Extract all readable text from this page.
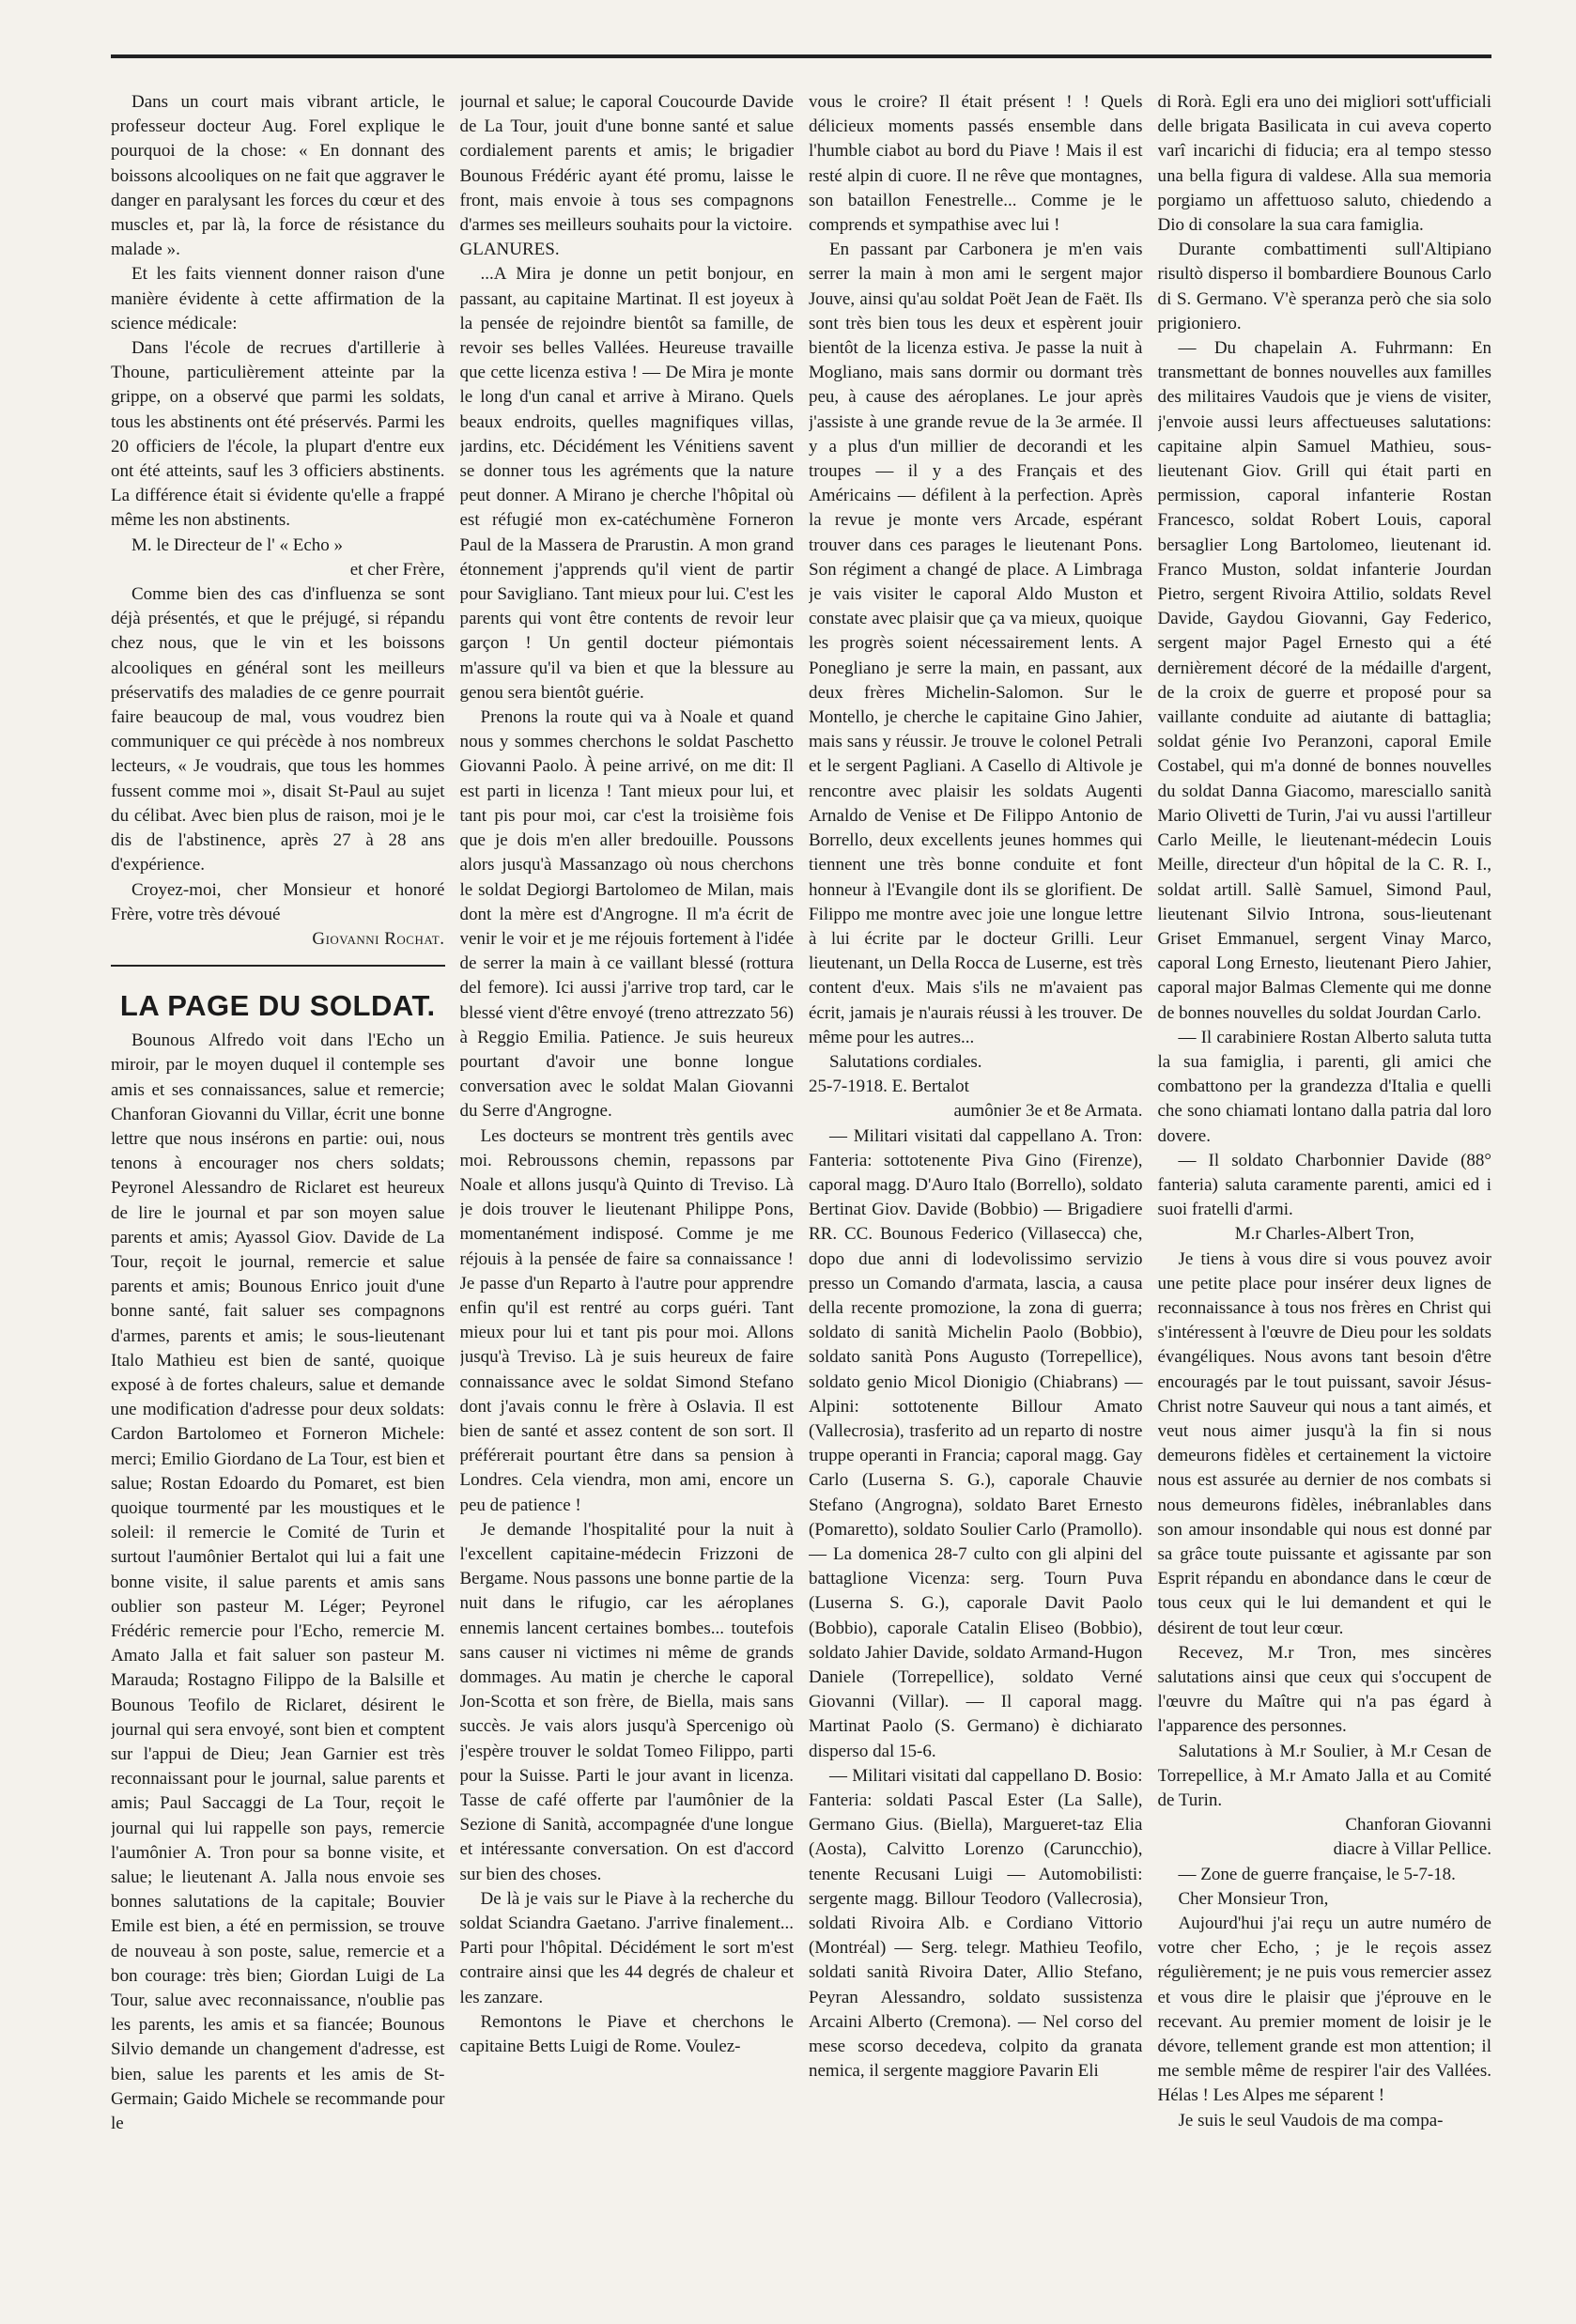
Dans un court mais vibrant article, le professeur docteur Aug. Forel explique le pourquoi de la chose: « En donnant des boissons alcooliques on ne fait que aggraver le danger en paralysant les forces du cœur et des muscles et, par là, la force de résistance du malade ».

Et les faits viennent donner raison d'une manière évidente à cette affirmation de la science médicale:

Dans l'école de recrues d'artillerie à Thoune, particulièrement atteinte par la grippe, on a observé que parmi les soldats, tous les abstinents ont été préservés. Parmi les 20 officiers de l'école, la plupart d'entre eux ont été atteints, sauf les 3 officiers abstinents. La différence était si évidente qu'elle a frappé même les non abstinents.

M. le Directeur de l' « Echo »

et cher Frère,

Comme bien des cas d'influenza se sont déjà présentés, et que le préjugé, si répandu chez nous, que le vin et les boissons alcooliques en général sont les meilleurs préservatifs des maladies de ce genre pourrait faire beaucoup de mal, vous voudrez bien communiquer ce qui précède à nos nombreux lecteurs, « Je voudrais, que tous les hommes fussent comme moi », disait St-Paul au sujet du célibat. Avec bien plus de raison, moi je le dis de l'abstinence, après 27 à 28 ans d'expérience.

Croyez-moi, cher Monsieur et honoré Frère, votre très dévoué

Giovanni Rochat.

LA PAGE DU SOLDAT.

Bounous Alfredo voit dans l'Echo un miroir, par le moyen duquel il contemple ses amis et ses connaissances, salue et remercie; Chanforan Giovanni du Villar, écrit une bonne lettre que nous insérons en partie: oui, nous tenons à encourager nos chers soldats; Peyronel Alessandro de Riclaret est heureux de lire le journal et par son moyen salue parents et amis; Ayassol Giov. Davide de La Tour, reçoit le journal, remercie et salue parents et amis; Bounous Enrico jouit d'une bonne santé, fait saluer ses compagnons d'armes, parents et amis; le sous-lieutenant Italo Mathieu est bien de santé, quoique exposé à de fortes chaleurs, salue et demande une modification d'adresse pour deux soldats: Cardon Bartolomeo et Forneron Michele: merci; Emilio Giordano de La Tour, est bien et salue; Rostan Edoardo du Pomaret, est bien quoique tourmenté par les moustiques et le soleil: il remercie le Comité de Turin et surtout l'aumônier Bertalot qui lui a fait une bonne visite, il salue parents et amis sans oublier son pasteur M. Léger; Peyronel Frédéric remercie pour l'Echo, remercie M. Amato Jalla et fait saluer son pasteur M. Marauda; Rostagno Filippo de la Balsille et Bounous Teofilo de Riclaret, désirent le journal qui sera envoyé, sont bien et comptent sur l'appui de Dieu; Jean Garnier est très reconnaissant pour le journal, salue parents et amis; Paul Saccaggi de La Tour, reçoit le journal qui lui rappelle son pays, remercie l'aumônier A. Tron pour sa bonne visite, et salue; le lieutenant A. Jalla nous envoie ses bonnes salutations de la capitale; Bouvier Emile est bien, a été en permission, se trouve de nouveau à son poste, salue, remercie et a bon courage: très bien; Giordan Luigi de La Tour, salue avec reconnaissance, n'oublie pas les parents, les amis et sa fiancée; Bounous Silvio demande un changement d'adresse, est bien, salue les parents et les amis de St-Germain; Gaido Michele se recommande pour le

journal et salue; le caporal Coucourde Davide de La Tour, jouit d'une bonne santé et salue cordialement parents et amis; le brigadier Bounous Frédéric ayant été promu, laisse le front, mais envoie à tous ses compagnons d'armes ses meilleurs souhaits pour la victoire.

GLANURES.

...A Mira je donne un petit bonjour, en passant, au capitaine Martinat. Il est joyeux à la pensée de rejoindre bientôt sa famille, de revoir ses belles Vallées. Heureuse travaille que cette licenza estiva ! — De Mira je monte le long d'un canal et arrive à Mirano. Quels beaux endroits, quelles magnifiques villas, jardins, etc. Décidément les Vénitiens savent se donner tous les agréments que la nature peut donner. A Mirano je cherche l'hôpital où est réfugié mon ex-catéchumène Forneron Paul de la Massera de Prarustin. A mon grand étonnement j'apprends qu'il vient de partir pour Savigliano. Tant mieux pour lui. C'est les parents qui vont être contents de revoir leur garçon ! Un gentil docteur piémontais m'assure qu'il va bien et que la blessure au genou sera bientôt guérie.

Prenons la route qui va à Noale et quand nous y sommes cherchons le soldat Paschetto Giovanni Paolo. À peine arrivé, on me dit: Il est parti in licenza ! Tant mieux pour lui, et tant pis pour moi, car c'est la troisième fois que je dois m'en aller bredouille. Poussons alors jusqu'à Massanzago où nous cherchons le soldat Degiorgi Bartolomeo de Milan, mais dont la mère est d'Angrogne. Il m'a écrit de venir le voir et je me réjouis fortement à l'idée de serrer la main à ce vaillant blessé (rottura del femore). Ici aussi j'arrive trop tard, car le blessé vient d'être envoyé (treno attrezzato 56) à Reggio Emilia. Patience. Je suis heureux pourtant d'avoir une bonne longue conversation avec le soldat Malan Giovanni du Serre d'Angrogne.

Les docteurs se montrent très gentils avec moi. Rebroussons chemin, repassons par Noale et allons jusqu'à Quinto di Treviso. Là je dois trouver le lieutenant Philippe Pons, momentanément indisposé. Comme je me réjouis à la pensée de faire sa connaissance ! Je passe d'un Reparto à l'autre pour apprendre enfin qu'il est rentré au corps guéri. Tant mieux pour lui et tant pis pour moi. Allons jusqu'à Treviso. Là je suis heureux de faire connaissance avec le soldat Simond Stefano dont j'avais connu le frère à Oslavia. Il est bien de santé et assez content de son sort. Il préférerait pourtant être dans sa pension à Londres. Cela viendra, mon ami, encore un peu de patience !

Je demande l'hospitalité pour la nuit à l'excellent capitaine-médecin Frizzoni de Bergame. Nous passons une bonne partie de la nuit dans le rifugio, car les aéroplanes ennemis lancent certaines bombes... toutefois sans causer ni victimes ni même de grands dommages. Au matin je cherche le caporal Jon-Scotta et son frère, de Biella, mais sans succès. Je vais alors jusqu'à Spercenigo où j'espère trouver le soldat Tomeo Filippo, parti pour la Suisse. Parti le jour avant in licenza. Tasse de café offerte par l'aumônier de la Sezione di Sanità, accompagnée d'une longue et intéressante conversation. On est d'accord sur bien des choses.

De là je vais sur le Piave à la recherche du soldat Sciandra Gaetano. J'arrive finalement... Parti pour l'hôpital. Décidément le sort m'est contraire ainsi que les 44 degrés de chaleur et les zanzare.

Remontons le Piave et cherchons le capitaine Betts Luigi de Rome. Voulez-

vous le croire? Il était présent ! ! Quels délicieux moments passés ensemble dans l'humble ciabot au bord du Piave ! Mais il est resté alpin di cuore. Il ne rêve que montagnes, son bataillon Fenestrelle... Comme je le comprends et sympathise avec lui !

En passant par Carbonera je m'en vais serrer la main à mon ami le sergent major Jouve, ainsi qu'au soldat Poët Jean de Faët. Ils sont très bien tous les deux et espèrent jouir bientôt de la licenza estiva. Je passe la nuit à Mogliano, mais sans dormir ou dormant très peu, à cause des aéroplanes. Le jour après j'assiste à une grande revue de la 3e armée. Il y a plus d'un millier de decorandi et les troupes — il y a des Français et des Américains — défilent à la perfection. Après la revue je monte vers Arcade, espérant trouver dans ces parages le lieutenant Pons. Son régiment a changé de place. A Limbraga je vais visiter le caporal Aldo Muston et constate avec plaisir que ça va mieux, quoique les progrès soient nécessairement lents. A Ponegliano je serre la main, en passant, aux deux frères Michelin-Salomon. Sur le Montello, je cherche le capitaine Gino Jahier, mais sans y réussir. Je trouve le colonel Petrali et le sergent Pagliani. A Casello di Altivole je rencontre avec plaisir les soldats Augenti Arnaldo de Venise et De Filippo Antonio de Borrello, deux excellents jeunes hommes qui tiennent une très bonne conduite et font honneur à l'Evangile dont ils se glorifient. De Filippo me montre avec joie une longue lettre à lui écrite par le docteur Grilli. Leur lieutenant, un Della Rocca de Luserne, est très content d'eux. Mais s'ils ne m'avaient pas écrit, jamais je n'aurais réussi à les trouver. De même pour les autres...

Salutations cordiales.

25-7-1918. E. Bertalot

aumônier 3e et 8e Armata.

— Militari visitati dal cappellano A. Tron: Fanteria: sottotenente Piva Gino (Firenze), caporal magg. D'Auro Italo (Borrello), soldato Bertinat Giov. Davide (Bobbio) — Brigadiere RR. CC. Bounous Federico (Villasecca) che, dopo due anni di lodevolissimo servizio presso un Comando d'armata, lascia, a causa della recente promozione, la zona di guerra; soldato di sanità Michelin Paolo (Bobbio), soldato sanità Pons Augusto (Torrepellice), soldato genio Micol Dionigio (Chiabrans) — Alpini: sottotenente Billour Amato (Vallecrosia), trasferito ad un reparto di nostre truppe operanti in Francia; caporal magg. Gay Carlo (Luserna S. G.), caporale Chauvie Stefano (Angrogna), soldato Baret Ernesto (Pomaretto), soldato Soulier Carlo (Pramollo). — La domenica 28-7 culto con gli alpini del battaglione Vicenza: serg. Tourn Puva (Luserna S. G.), caporale Davit Paolo (Bobbio), caporale Catalin Eliseo (Bobbio), soldato Jahier Davide, soldato Armand-Hugon Daniele (Torrepellice), soldato Verné Giovanni (Villar). — Il caporal magg. Martinat Paolo (S. Germano) è dichiarato disperso dal 15-6.

— Militari visitati dal cappellano D. Bosio: Fanteria: soldati Pascal Ester (La Salle), Germano Gius. (Biella), Margueret-taz Elia (Aosta), Calvitto Lorenzo (Caruncchio), tenente Recusani Luigi — Automobilisti: sergente magg. Billour Teodoro (Vallecrosia), soldati Rivoira Alb. e Cordiano Vittorio (Montréal) — Serg. telegr. Mathieu Teofilo, soldati sanità Rivoira Dater, Allio Stefano, Peyran Alessandro, soldato sussistenza Arcaini Alberto (Cremona). — Nel corso del mese scorso decedeva, colpito da granata nemica, il sergente maggiore Pavarin Eli

di Rorà. Egli era uno dei migliori sott'ufficiali delle brigata Basilicata in cui aveva coperto varî incarichi di fiducia; era al tempo stesso una bella figura di valdese. Alla sua memoria porgiamo un affettuoso saluto, chiedendo a Dio di consolare la sua cara famiglia.

Durante combattimenti sull'Altipiano risultò disperso il bombardiere Bounous Carlo di S. Germano. V'è speranza però che sia solo prigioniero.

— Du chapelain A. Fuhrmann: En transmettant de bonnes nouvelles aux familles des militaires Vaudois que je viens de visiter, j'envoie aussi leurs affectueuses salutations: capitaine alpin Samuel Mathieu, sous-lieutenant Giov. Grill qui était parti en permission, caporal infanterie Rostan Francesco, soldat Robert Louis, caporal bersaglier Long Bartolomeo, lieutenant id. Franco Muston, soldat infanterie Jourdan Pietro, sergent Rivoira Attilio, soldats Revel Davide, Gaydou Giovanni, Gay Federico, sergent major Pagel Ernesto qui a été dernièrement décoré de la médaille d'argent, de la croix de guerre et proposé pour sa vaillante conduite ad aiutante di battaglia; soldat génie Ivo Peranzoni, caporal Emile Costabel, qui m'a donné de bonnes nouvelles du soldat Danna Giacomo, maresciallo sanità Mario Olivetti de Turin, J'ai vu aussi l'artilleur Carlo Meille, le lieutenant-médecin Louis Meille, directeur d'un hôpital de la C. R. I., soldat artill. Sallè Samuel, Simond Paul, lieutenant Silvio Introna, sous-lieutenant Griset Emmanuel, sergent Vinay Marco, caporal Long Ernesto, lieutenant Piero Jahier, caporal major Balmas Clemente qui me donne de bonnes nouvelles du soldat Jourdan Carlo.

— Il carabiniere Rostan Alberto saluta tutta la sua famiglia, i parenti, gli amici che combattono per la grandezza d'Italia e quelli che sono chiamati lontano dalla patria dal loro dovere.

— Il soldato Charbonnier Davide (88° fanteria) saluta caramente parenti, amici ed i suoi fratelli d'armi.

M.r Charles-Albert Tron,

Je tiens à vous dire si vous pouvez avoir une petite place pour insérer deux lignes de reconnaissance à tous nos frères en Christ qui s'intéressent à l'œuvre de Dieu pour les soldats évangéliques. Nous avons tant besoin d'être encouragés par le tout puissant, savoir Jésus-Christ notre Sauveur qui nous a tant aimés, et veut nous aimer jusqu'à la fin si nous demeurons fidèles et certainement la victoire nous est assurée au dernier de nos combats si nous demeurons fidèles, inébranlables dans son amour insondable qui nous est donné par sa grâce toute puissante et agissante par son Esprit répandu en abondance dans le cœur de tous ceux qui le lui demandent et qui le désirent de tout leur cœur.

Recevez, M.r Tron, mes sincères salutations ainsi que ceux qui s'occupent de l'œuvre du Maître qui n'a pas égard à l'apparence des personnes.

Salutations à M.r Soulier, à M.r Cesan de Torrepellice, à M.r Amato Jalla et au Comité de Turin.

Chanforan Giovanni

diacre à Villar Pellice.

— Zone de guerre française, le 5-7-18.

Cher Monsieur Tron,

Aujourd'hui j'ai reçu un autre numéro de votre cher Echo, ; je le reçois assez régulièrement; je ne puis vous remercier assez et vous dire le plaisir que j'éprouve en le recevant. Au premier moment de loisir je le dévore, tellement grande est mon attention; il me semble même de respirer l'air des Vallées. Hélas ! Les Alpes me séparent !

Je suis le seul Vaudois de ma compa-
